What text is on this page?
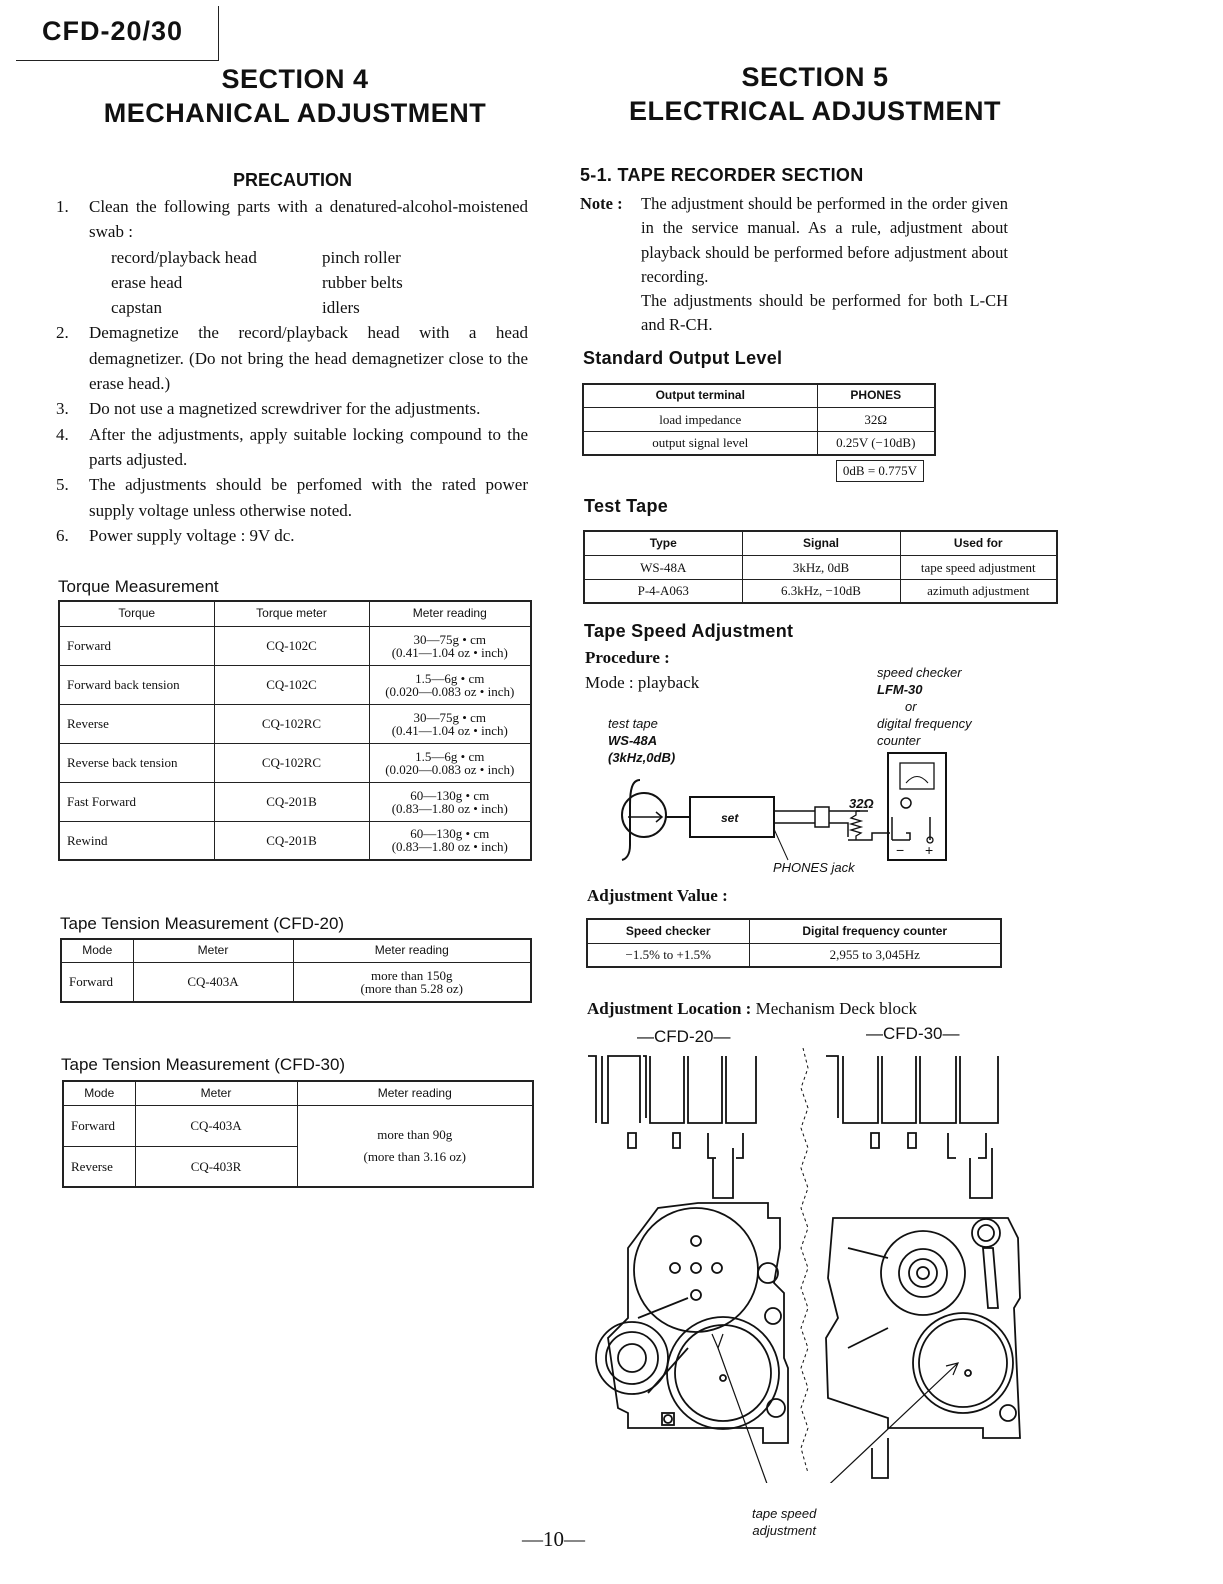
CFD-20/30
SECTION 4
MECHANICAL ADJUSTMENT
SECTION 5
ELECTRICAL ADJUSTMENT
PRECAUTION
1.	Clean the following parts with a denatured-alcohol-moistened swab :
record/playback head	pinch roller
erase head	rubber belts
capstan	idlers
2.	Demagnetize the record/playback head with a head demagnetizer. (Do not bring the head demagnetizer close to the erase head.)
3.	Do not use a magnetized screwdriver for the adjustments.
4.	After the adjustments, apply suitable locking compound to the parts adjusted.
5.	The adjustments should be perfomed with the rated power supply voltage unless otherwise noted.
6.	Power supply voltage : 9V dc.
Torque Measurement
Torque	Torque meter	Meter reading
Forward	CQ-102C	30—75g • cm
(0.41—1.04 oz • inch)

Forward back tension	CQ-102C	1.5—6g • cm
(0.020—0.083 oz • inch)

Reverse	CQ-102RC	30—75g • cm
(0.41—1.04 oz • inch)

Reverse back tension	CQ-102RC	1.5—6g • cm
(0.020—0.083 oz • inch)

Fast Forward	CQ-201B	60—130g • cm
(0.83—1.80 oz • inch)

Rewind	CQ-201B	60—130g • cm
(0.83—1.80 oz • inch)
Tape Tension Measurement (CFD-20)
Mode	Meter	Meter reading
Forward	CQ-403A	more than 150g
(more than 5.28 oz)
Tape Tension Measurement (CFD-30)
Mode	Meter	Meter reading
Forward	CQ-403A	more than 90g
(more than 3.16 oz)

Reverse	CQ-403R	
5-1. TAPE RECORDER SECTION
Note :	The adjustment should be performed in the order given in the service manual. As a rule, adjustment about playback should be performed before adjustment about recording.
The adjustments should be performed for both L-CH and R-CH.
Standard Output Level
Output terminal	PHONES
load impedance	32Ω
output signal level	0.25V (−10dB)
0dB = 0.775V
Test Tape
Type	Signal	Used for
WS-48A	3kHz, 0dB	tape speed adjustment
P-4-A063	6.3kHz, −10dB	azimuth adjustment
Tape Speed Adjustment
Procedure :
Mode : playback
test tape
WS-48A
(3kHz,0dB)
speed checker
LFM-30
or
digital frequency
counter
set
32Ω
PHONES jack
− +
Adjustment Value :
Speed checker	Digital frequency counter
−1.5% to +1.5%	2,955 to 3,045Hz
Adjustment Location : Mechanism Deck block
—CFD-20—	—CFD-30—
tape speed
adjustment
—10—
